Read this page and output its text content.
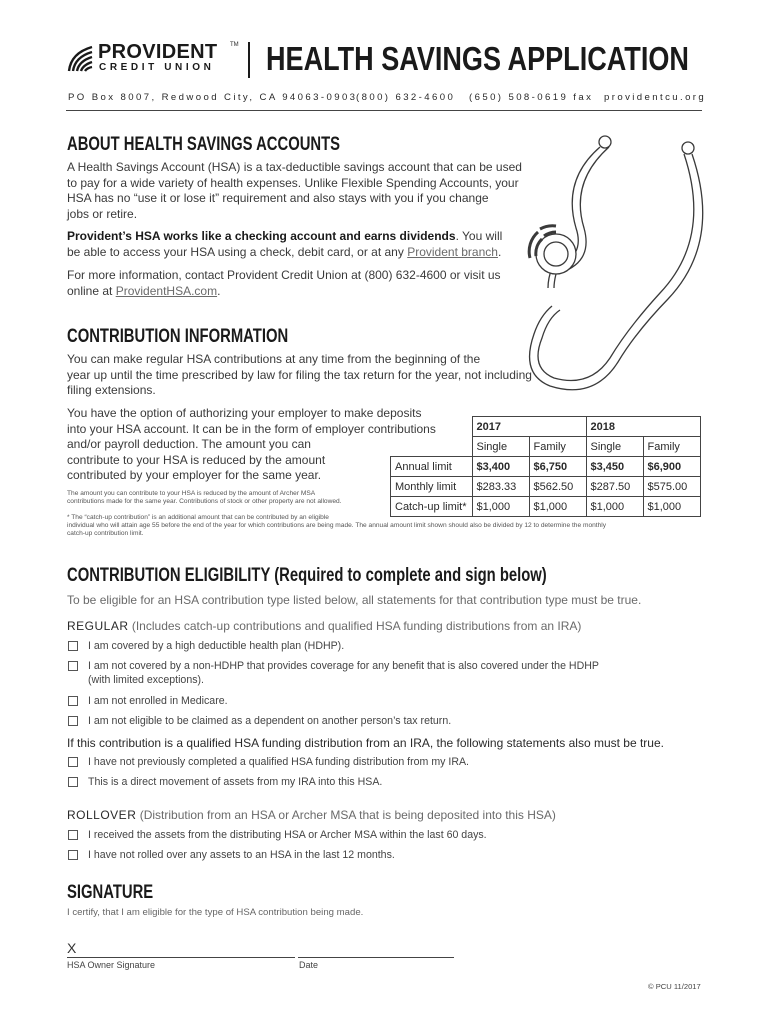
PROVIDENT
CREDIT UNION
TM HEALTH SAVINGS APPLICATION
PO Box 8007, Redwood City, CA 94063-0903
(800) 632-4600 (650) 508-0619 fax providentcu.org
ABOUT HEALTH SAVINGS ACCOUNTS
A Health Savings Account (HSA) is a tax-deductible savings account that can be used
to pay for a wide variety of health expenses. Unlike Flexible Spending Accounts, your
HSA has no “use it or lose it” requirement and also stays with you if you change
jobs or retire.
Provident’s HSA works like a checking account and earns dividends. You will
be able to access your HSA using a check, debit card, or at any Provident branch.
For more information, contact Provident Credit Union at (800) 632-4600 or visit us
online at ProvidentHSA.com.
CONTRIBUTION INFORMATION
You can make regular HSA contributions at any time from the beginning of the
year up until the time prescribed by law for filing the tax return for the year, not including
filing extensions.
You have the option of authorizing your employer to make deposits
into your HSA account. It can be in the form of employer contributions
and/or payroll deduction. The amount you can
contribute to your HSA is reduced by the amount
contributed by your employer for the same year.
The amount you can contribute to your HSA is reduced by the amount of Archer MSA
contributions made for the same year. Contributions of stock or other property are not allowed.
	2017		2018	
	Single	Family	Single	Family
Annual limit	$3,400	$6,750	$3,450	$6,900
Monthly limit	$283.33	$562.50	$287.50	$575.00
Catch-up limit*	$1,000	$1,000	$1,000	$1,000
* The “catch-up contribution” is an additional amount that can be contributed by an eligible
individual who will attain age 55 before the end of the year for which contributions are being made. The annual amount limit shown should also be divided by 12 to determine the monthly
catch-up contribution limit.
CONTRIBUTION ELIGIBILITY (Required to complete and sign below)
To be eligible for an HSA contribution type listed below, all statements for that contribution type must be true.
REGULAR (Includes catch-up contributions and qualified HSA funding distributions from an IRA)
I am covered by a high deductible health plan (HDHP).
I am not covered by a non-HDHP that provides coverage for any benefit that is also covered under the HDHP
(with limited exceptions).
I am not enrolled in Medicare.
I am not eligible to be claimed as a dependent on another person’s tax return.
If this contribution is a qualified HSA funding distribution from an IRA, the following statements also must be true.
I have not previously completed a qualified HSA funding distribution from my IRA.
This is a direct movement of assets from my IRA into this HSA.
ROLLOVER (Distribution from an HSA or Archer MSA that is being deposited into this HSA)
I received the assets from the distributing HSA or Archer MSA within the last 60 days.
I have not rolled over any assets to an HSA in the last 12 months.
SIGNATURE
I certify, that I am eligible for the type of HSA contribution being made.
X
HSA Owner Signature	Date
© PCU 11/2017
